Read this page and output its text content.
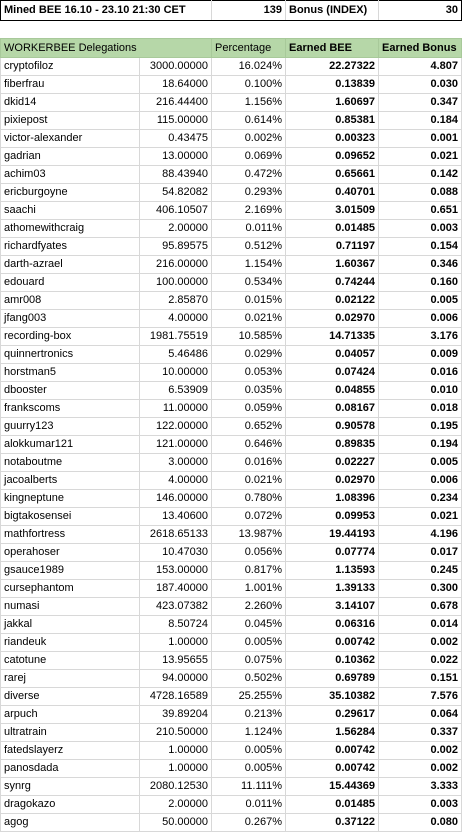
Mined BEE 16.10 - 23.10 21:30 CET		139	Bonus (INDEX)	30

WORKERBEE Delegations		Percentage	Earned BEE	Earned Bonus
cryptofiloz	3000.00000	16.024%	22.27322	4.807
fiberfrau	18.64000	0.100%	0.13839	0.030
dkid14	216.44400	1.156%	1.60697	0.347
pixiepost	115.00000	0.614%	0.85381	0.184
victor-alexander	0.43475	0.002%	0.00323	0.001
gadrian	13.00000	0.069%	0.09652	0.021
achim03	88.43940	0.472%	0.65661	0.142
ericburgoyne	54.82082	0.293%	0.40701	0.088
saachi	406.10507	2.169%	3.01509	0.651
athomewithcraig	2.00000	0.011%	0.01485	0.003
richardfyates	95.89575	0.512%	0.71197	0.154
darth-azrael	216.00000	1.154%	1.60367	0.346
edouard	100.00000	0.534%	0.74244	0.160
amr008	2.85870	0.015%	0.02122	0.005
jfang003	4.00000	0.021%	0.02970	0.006
recording-box	1981.75519	10.585%	14.71335	3.176
quinnertronics	5.46486	0.029%	0.04057	0.009
horstman5	10.00000	0.053%	0.07424	0.016
dbooster	6.53909	0.035%	0.04855	0.010
frankscoms	11.00000	0.059%	0.08167	0.018
guurry123	122.00000	0.652%	0.90578	0.195
alokkumar121	121.00000	0.646%	0.89835	0.194
notaboutme	3.00000	0.016%	0.02227	0.005
jacoalberts	4.00000	0.021%	0.02970	0.006
kingneptune	146.00000	0.780%	1.08396	0.234
bigtakosensei	13.40600	0.072%	0.09953	0.021
mathfortress	2618.65133	13.987%	19.44193	4.196
operahoser	10.47030	0.056%	0.07774	0.017
gsauce1989	153.00000	0.817%	1.13593	0.245
cursephantom	187.40000	1.001%	1.39133	0.300
numasi	423.07382	2.260%	3.14107	0.678
jakkal	8.50724	0.045%	0.06316	0.014
riandeuk	1.00000	0.005%	0.00742	0.002
catotune	13.95655	0.075%	0.10362	0.022
rarej	94.00000	0.502%	0.69789	0.151
diverse	4728.16589	25.255%	35.10382	7.576
arpuch	39.89204	0.213%	0.29617	0.064
ultratrain	210.50000	1.124%	1.56284	0.337
fatedslayerz	1.00000	0.005%	0.00742	0.002
panosdada	1.00000	0.005%	0.00742	0.002
synrg	2080.12530	11.111%	15.44369	3.333
dragokazo	2.00000	0.011%	0.01485	0.003
agog	50.00000	0.267%	0.37122	0.080
